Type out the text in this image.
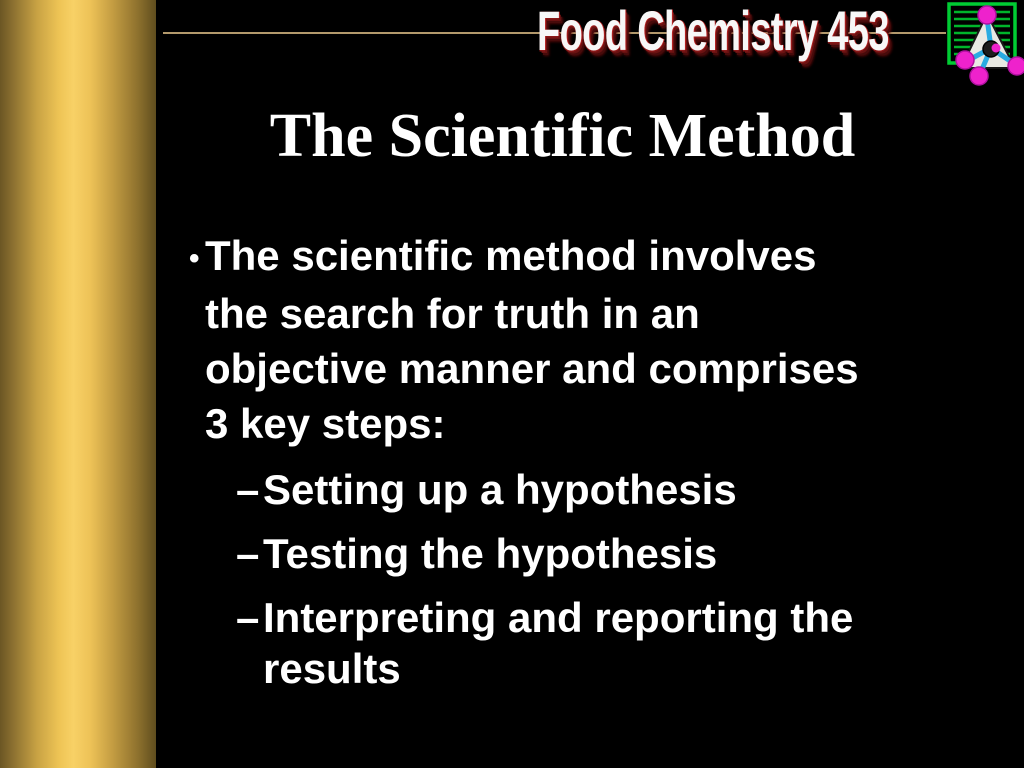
Food Chemistry 453
The Scientific Method
• The scientific method involves
the search for truth in an
objective manner and comprises
3 key steps:
–Setting up a hypothesis
–Testing the hypothesis
–Interpreting and reporting the
results
